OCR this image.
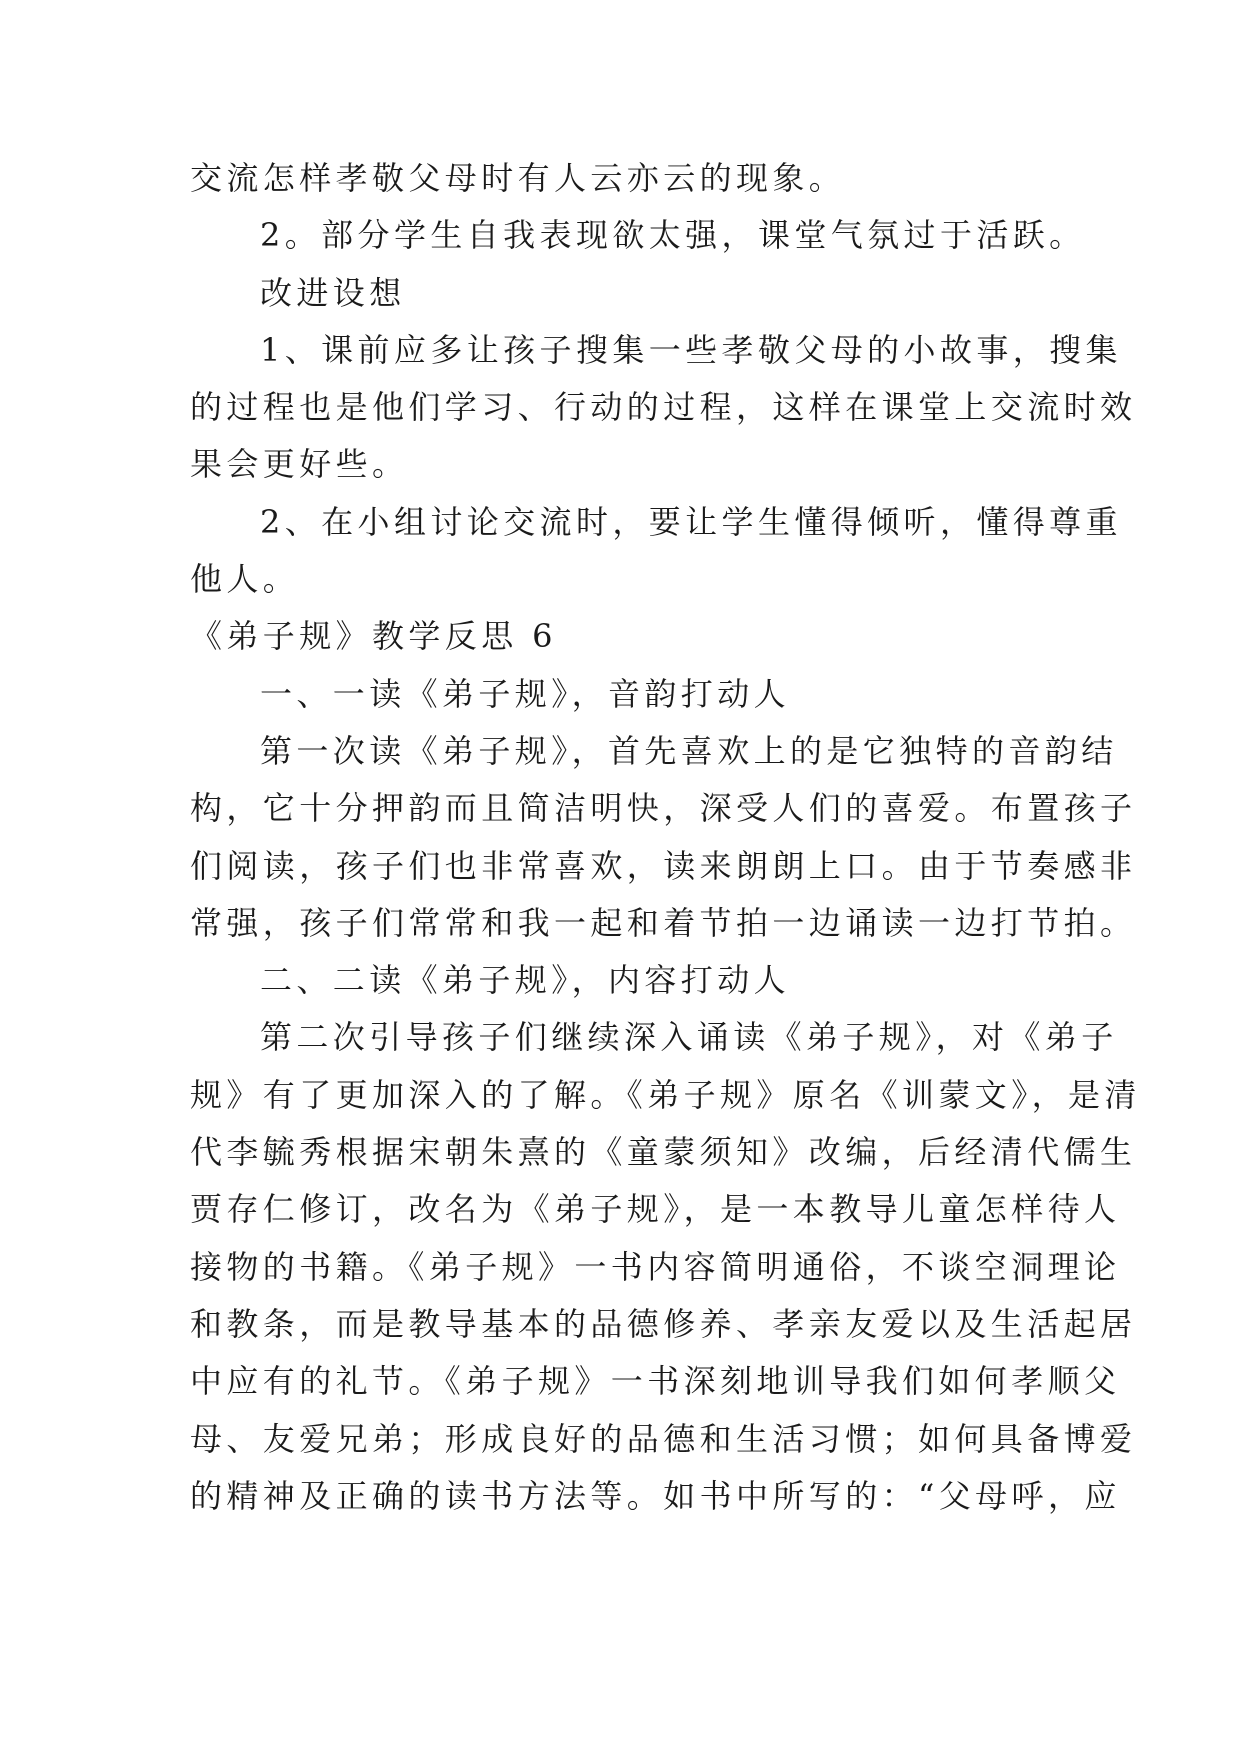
交流怎样孝敬父母时有人云亦云的现象。
2。部分学生自我表现欲太强，课堂气氛过于活跃。
改进设想
1、课前应多让孩子搜集一些孝敬父母的小故事，搜集
的过程也是他们学习、行动的过程，这样在课堂上交流时效
果会更好些。
2、在小组讨论交流时，要让学生懂得倾听，懂得尊重
他人。
《弟子规》教学反思 6
一、一读《弟子规》，音韵打动人
第一次读《弟子规》，首先喜欢上的是它独特的音韵结
构，它十分押韵而且简洁明快，深受人们的喜爱。布置孩子
们阅读，孩子们也非常喜欢，读来朗朗上口。由于节奏感非
常强，孩子们常常和我一起和着节拍一边诵读一边打节拍。
二、二读《弟子规》，内容打动人
第二次引导孩子们继续深入诵读《弟子规》，对《弟子
规》有了更加深入的了解。《弟子规》原名《训蒙文》，是清
代李毓秀根据宋朝朱熹的《童蒙须知》改编，后经清代儒生
贾存仁修订，改名为《弟子规》，是一本教导儿童怎样待人
接物的书籍。《弟子规》一书内容简明通俗，不谈空洞理论
和教条，而是教导基本的品德修养、孝亲友爱以及生活起居
中应有的礼节。《弟子规》一书深刻地训导我们如何孝顺父
母、友爱兄弟；形成良好的品德和生活习惯；如何具备博爱
的精神及正确的读书方法等。如书中所写的：“父母呼，应
